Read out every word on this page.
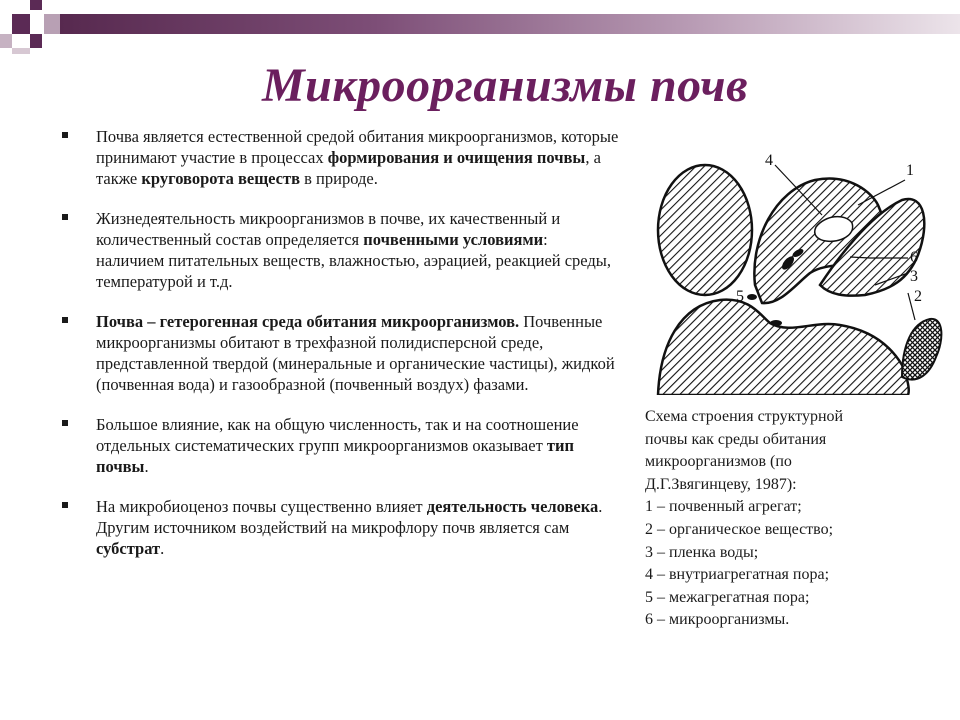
Микроорганизмы почв
Почва является естественной средой обитания микроорганизмов, которые принимают участие в процессах формирования и очищения почвы, а также круговорота веществ в природе.
Жизнедеятельность микроорганизмов в почве, их качественный и количественный состав определяется почвенными условиями: наличием питательных веществ, влажностью, аэрацией, реакцией среды, температурой и т.д.
Почва – гетерогенная среда обитания микроорганизмов. Почвенные микроорганизмы обитают в трехфазной полидисперсной среде, представленной твердой (минеральные и органические частицы), жидкой (почвенная вода) и газообразной (почвенный воздух) фазами.
Большое влияние, как на общую численность, так и на соотношение отдельных систематических групп микроорганизмов оказывает тип почвы.
На микробиоценоз почвы существенно влияет деятельность человека. Другим источником воздействий на микрофлору почв является сам субстрат.
4
1
6
3
5	2
Схема строения структурной
почвы как среды обитания
микроорганизмов (по
Д.Г.Звягинцеву, 1987):
1 – почвенный агрегат;
2 – органическое вещество;
3 – пленка воды;
4 – внутриагрегатная пора;
5 – межагрегатная пора;
6 – микроорганизмы.
